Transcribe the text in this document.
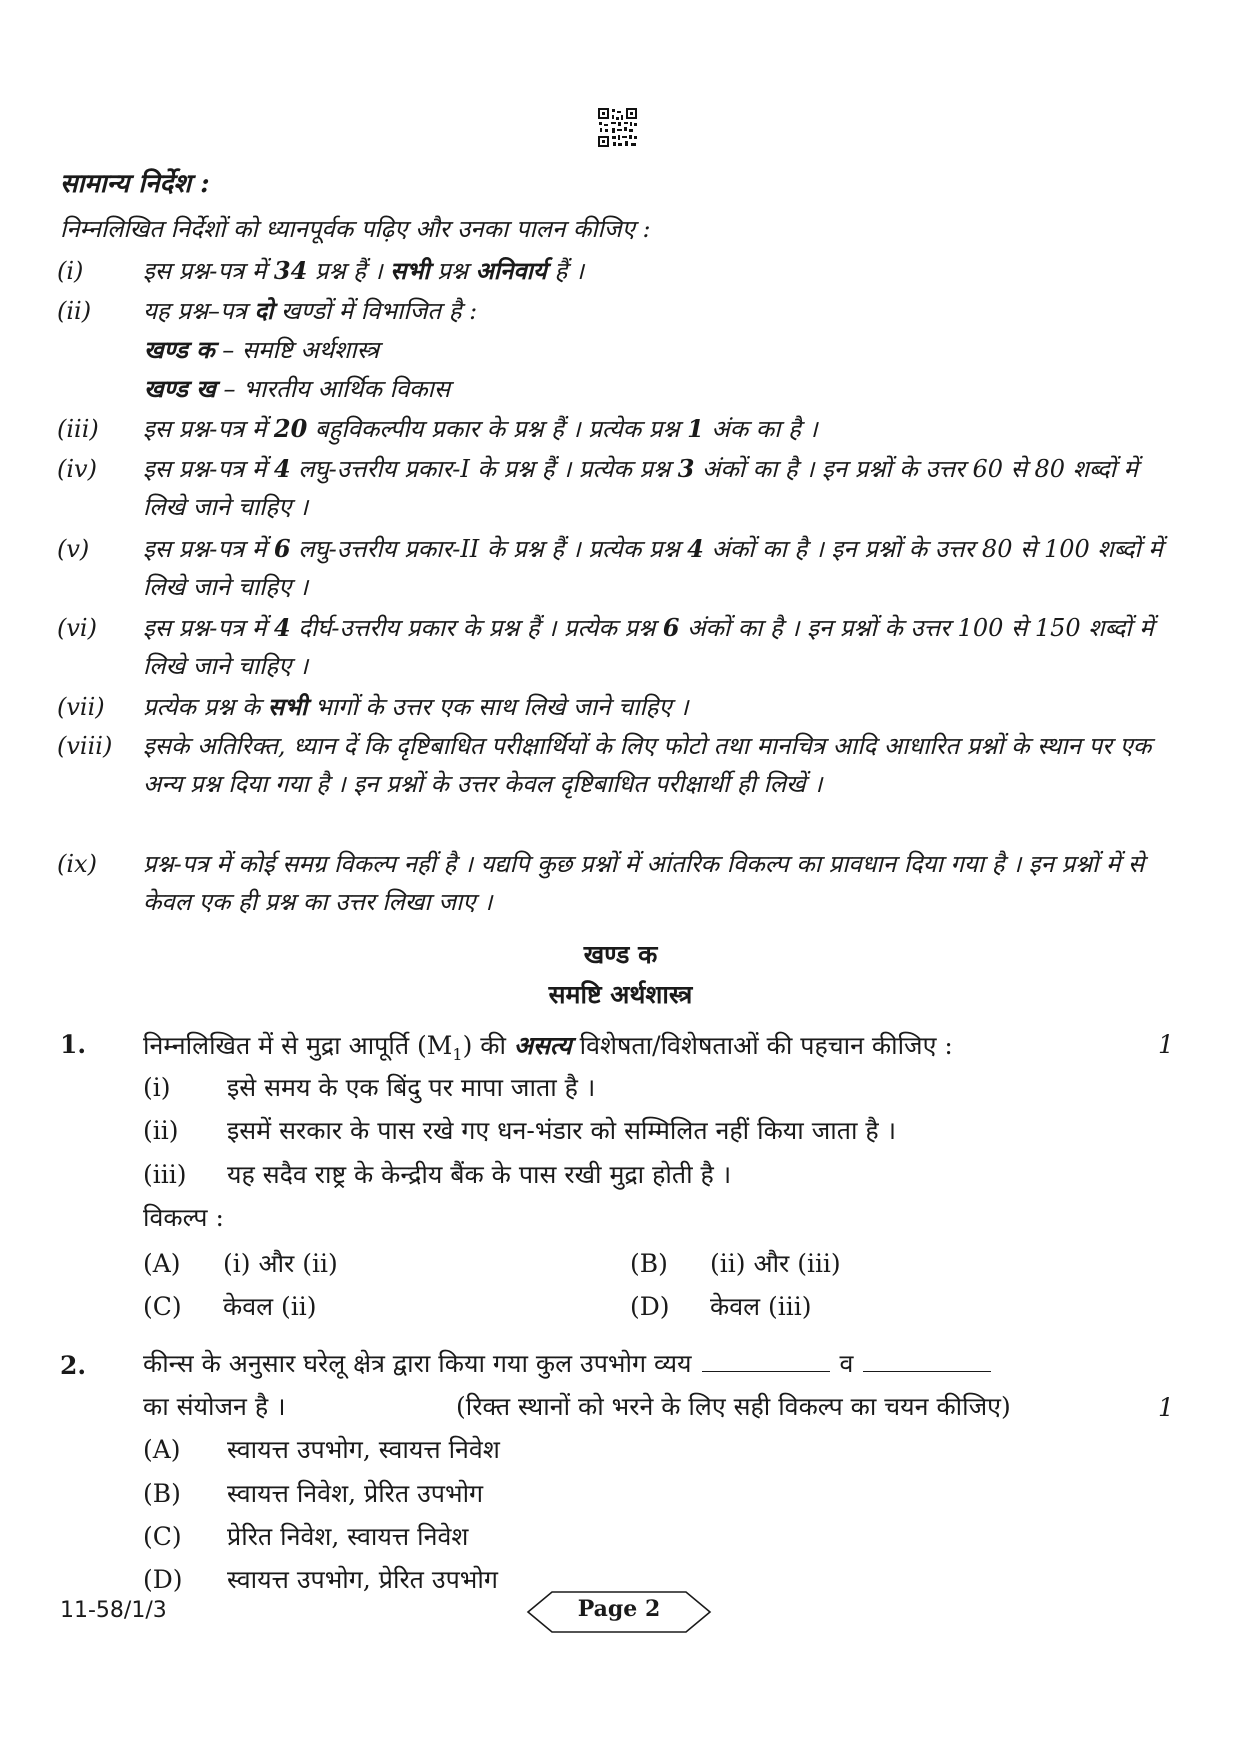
सामान्य निर्देश :
निम्नलिखित निर्देशों को ध्यानपूर्वक पढ़िए और उनका पालन कीजिए :
(i) इस प्रश्न-पत्र में 34 प्रश्न हैं । सभी प्रश्न अनिवार्य हैं ।
(ii) यह प्रश्न–पत्र दो खण्डों में विभाजित है :
खण्ड क – समष्टि अर्थशास्त्र
खण्ड ख – भारतीय आर्थिक विकास
(iii) इस प्रश्न-पत्र में 20 बहुविकल्पीय प्रकार के प्रश्न हैं । प्रत्येक प्रश्न 1 अंक का है ।
(iv) इस प्रश्न-पत्र में 4 लघु-उत्तरीय प्रकार-I के प्रश्न हैं । प्रत्येक प्रश्न 3 अंकों का है । इन प्रश्नों के उत्तर 60 से 80 शब्दों में लिखे जाने चाहिए ।
(v) इस प्रश्न-पत्र में 6 लघु-उत्तरीय प्रकार-II के प्रश्न हैं । प्रत्येक प्रश्न 4 अंकों का है । इन प्रश्नों के उत्तर 80 से 100 शब्दों में लिखे जाने चाहिए ।
(vi) इस प्रश्न-पत्र में 4 दीर्घ-उत्तरीय प्रकार के प्रश्न हैं । प्रत्येक प्रश्न 6 अंकों का है । इन प्रश्नों के उत्तर 100 से 150 शब्दों में लिखे जाने चाहिए ।
(vii) प्रत्येक प्रश्न के सभी भागों के उत्तर एक साथ लिखे जाने चाहिए ।
(viii) इसके अतिरिक्त, ध्यान दें कि दृष्टिबाधित परीक्षार्थियों के लिए फोटो तथा मानचित्र आदि आधारित प्रश्नों के स्थान पर एक अन्य प्रश्न दिया गया है । इन प्रश्नों के उत्तर केवल दृष्टिबाधित परीक्षार्थी ही लिखें ।
(ix) प्रश्न-पत्र में कोई समग्र विकल्प नहीं है । यद्यपि कुछ प्रश्नों में आंतरिक विकल्प का प्रावधान दिया गया है । इन प्रश्नों में से केवल एक ही प्रश्न का उत्तर लिखा जाए ।
खण्ड क
समष्टि अर्थशास्त्र
1. निम्नलिखित में से मुद्रा आपूर्ति $(M_1)$ की असत्य विशेषता/विशेषताओं की पहचान कीजिए :	1
(i) इसे समय के एक बिंदु पर मापा जाता है ।
(ii) इसमें सरकार के पास रखे गए धन-भंडार को सम्मिलित नहीं किया जाता है ।
(iii) यह सदैव राष्ट्र के केन्द्रीय बैंक के पास रखी मुद्रा होती है ।
विकल्प :
(A) (i) और (ii)	(B) (ii) और (iii)
(C) केवल (ii)	(D) केवल (iii)
2. कीन्स के अनुसार घरेलू क्षेत्र द्वारा किया गया कुल उपभोग व्यय	व
का संयोजन है ।	(रिक्त स्थानों को भरने के लिए सही विकल्प का चयन कीजिए)	1
(A) स्वायत्त उपभोग, स्वायत्त निवेश
(B) स्वायत्त निवेश, प्रेरित उपभोग
(C) प्रेरित निवेश, स्वायत्त निवेश
(D) स्वायत्त उपभोग, प्रेरित उपभोग
11-58/1/3	Page 2
